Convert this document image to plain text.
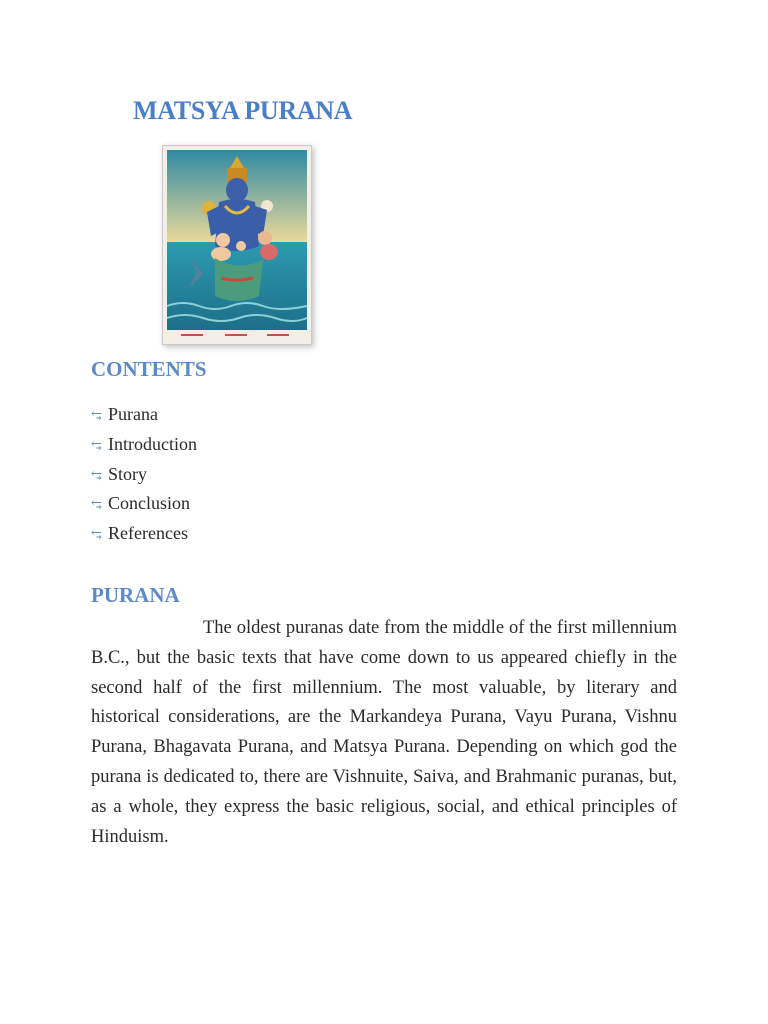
MATSYA PURANA
CONTENTS
⥃ Purana
⥃ Introduction
⥃ Story
⥃ Conclusion
⥃ References
PURANA

The oldest puranas date from the middle of the first millennium B.C., but the basic texts that have come down to us appeared chiefly in the second half of the first millennium. The most valuable, by literary and historical considerations, are the Markandeya Purana, Vayu Purana, Vishnu Purana, Bhagavata Purana, and Matsya Purana. Depending on which god the purana is dedicated to, there are Vishnuite, Saiva, and Brahmanic puranas, but, as a whole, they express the basic religious, social, and ethical principles of Hinduism.
